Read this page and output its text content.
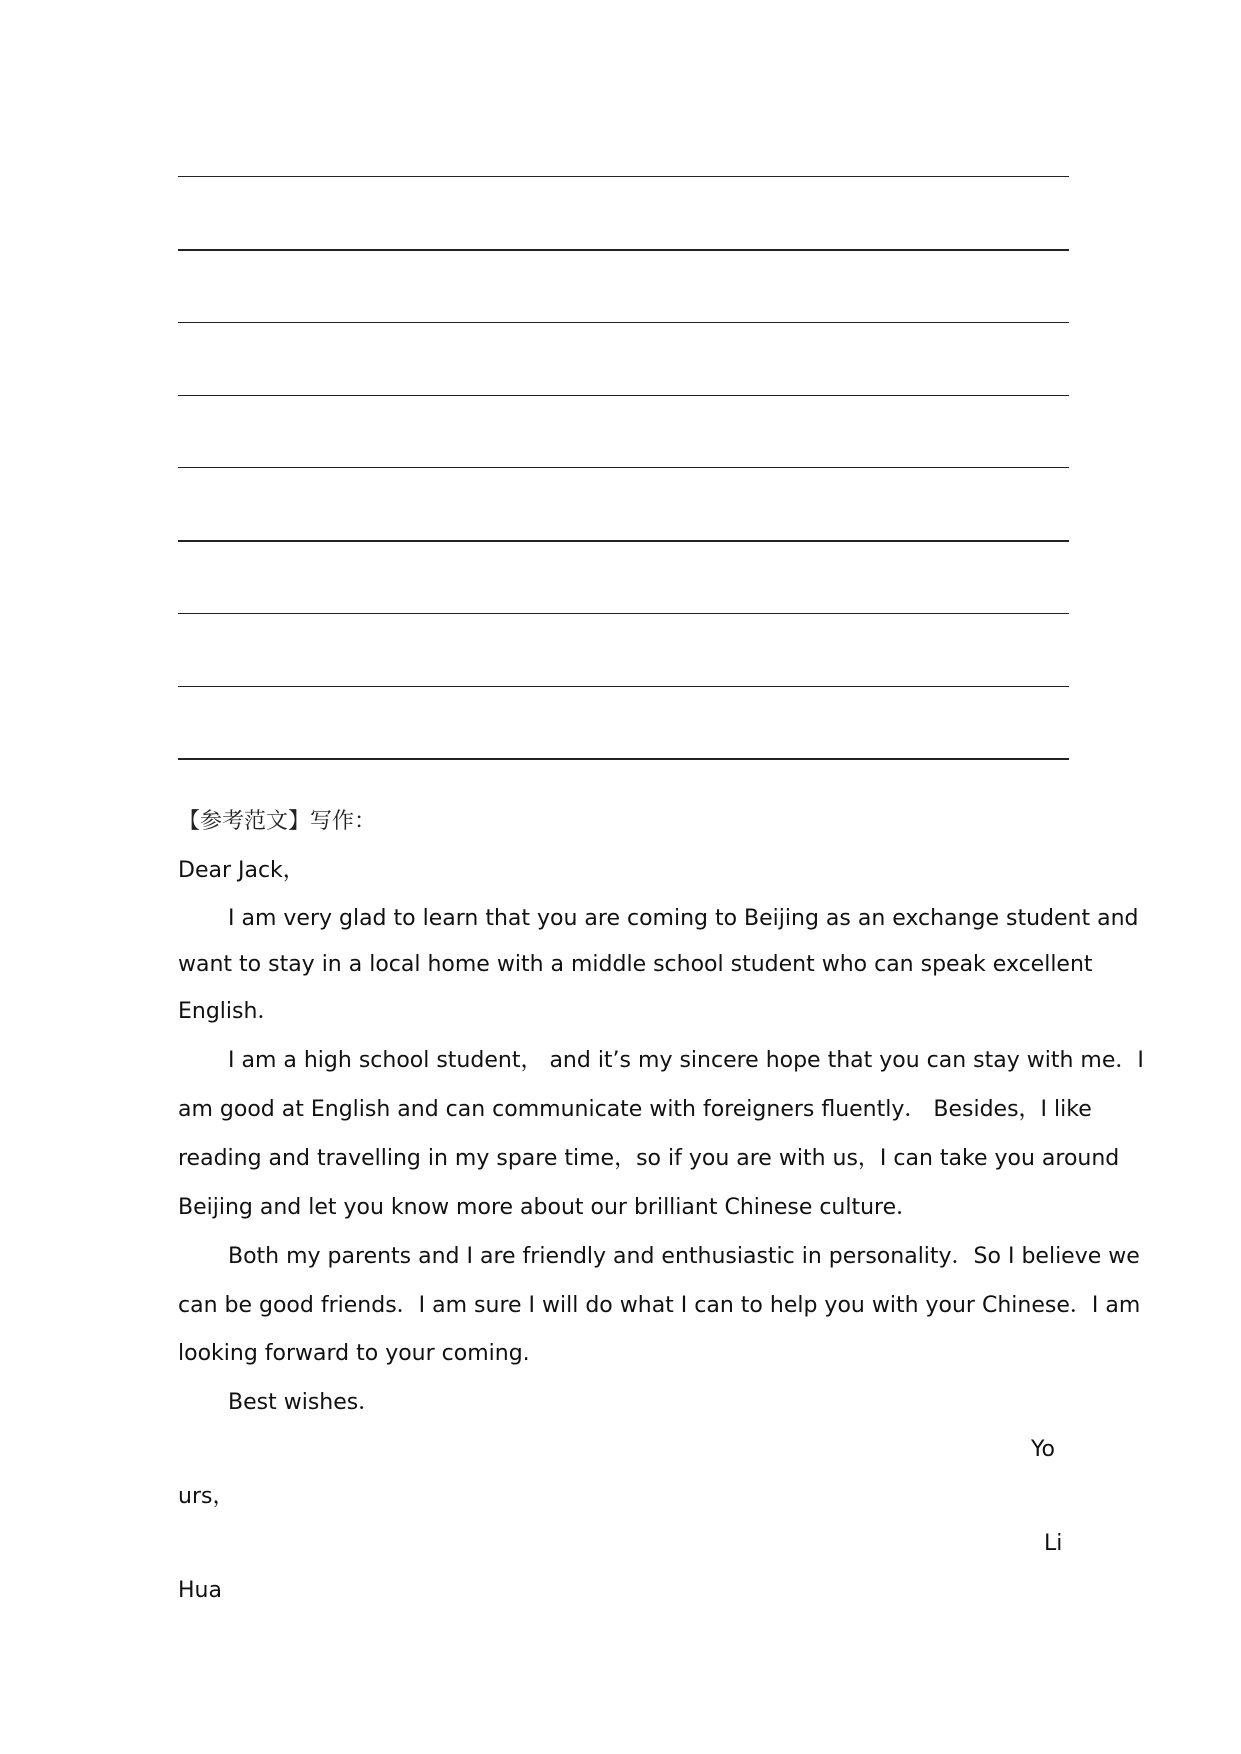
【参考范文】写作：
Dear Jack，
I am very glad to learn that you are coming to Beijing as an exchange student and
want to stay in a local home with a middle school student who can speak excellent
English．
I am a high school student， and it’s my sincere hope that you can stay with me．I
am good at English and can communicate with foreigners fluently． Besides，I like
reading and travelling in my spare time，so if you are with us，I can take you around
Beijing and let you know more about our brilliant Chinese culture．
Both my parents and I are friendly and enthusiastic in personality．So I believe we
can be good friends．I am sure I will do what I can to help you with your Chinese．I am
looking forward to your coming.
Best wishes．
Yo
urs，
Li
Hua
